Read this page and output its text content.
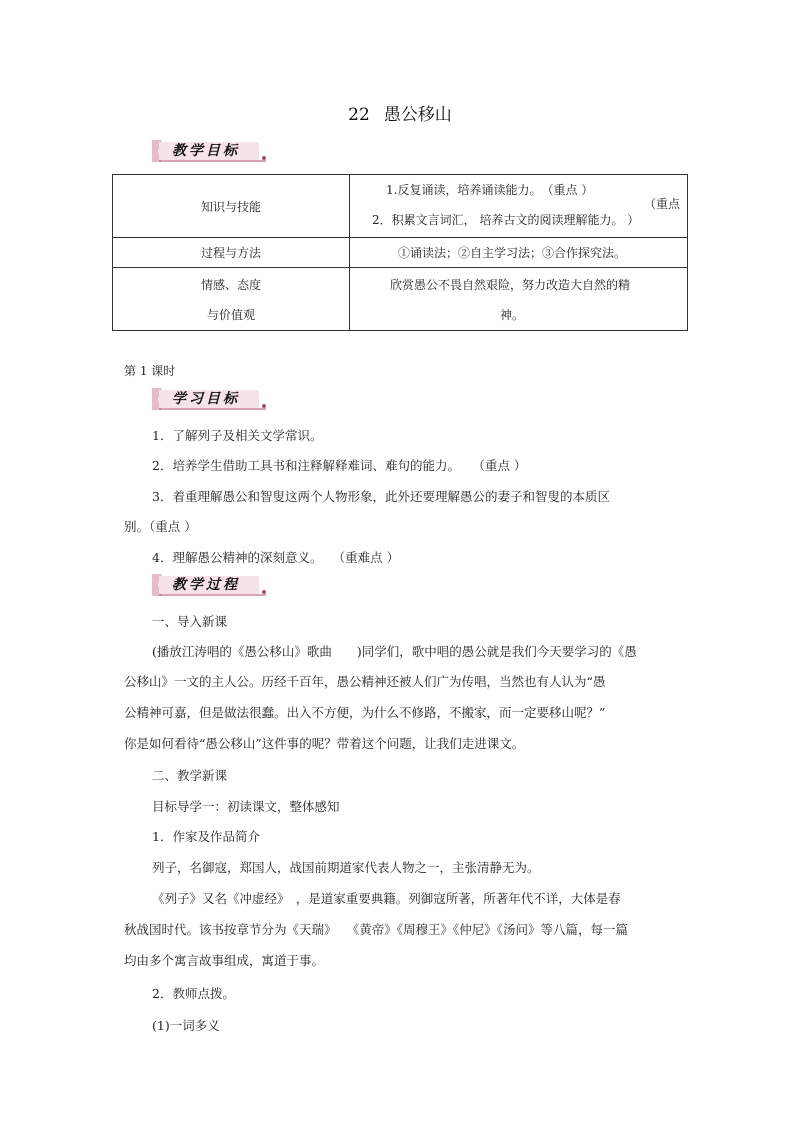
22 愚公移山
教学目标
知识与技能	1.反复诵读，培养诵读能力。　（重点 ）
（重点
2．积累文言词汇， 培养古文的阅读理解能力。 ）

过程与方法	①诵读法；②自主学习法；③合作探究法。

情感、态度
与价值观	欣赏愚公不畏自然艰险，努力改造大自然的精
神。
第 1 课时
学习目标
1．了解列子及相关文学常识。
2．培养学生借助工具书和注释解释难词、难句的能力。　　（重点 ）
3．着重理解愚公和智叟这两个人物形象，此外还要理解愚公的妻子和智叟的本质区
别。（重点 ）
4．理解愚公精神的深刻意义。　 （重难点 ）
教学过程
一、导入新课
(播放江涛唱的《愚公移山》歌曲　　)同学们，歌中唱的愚公就是我们今天要学习的《愚
公移山》一文的主人公。历经千百年，愚公精神还被人们广为传唱，当然也有人认为“愚
公精神可嘉，但是做法很蠢。出入不方便，为什么不修路，不搬家，而一定要移山呢？”
你是如何看待“愚公移山”这件事的呢？带着这个问题，让我们走进课文。
二、教学新课
目标导学一：初读课文，整体感知
1．作家及作品简介
列子，名御寇，郑国人，战国前期道家代表人物之一，主张清静无为。
《列子》又名《冲虚经》　，是道家重要典籍。列御寇所著，所著年代不详，大体是春
秋战国时代。该书按章节分为《天瑞》　 《黄帝》《周穆王》《仲尼》《汤问》等八篇，每一篇
均由多个寓言故事组成，寓道于事。
2．教师点拨。
(1)一词多义
